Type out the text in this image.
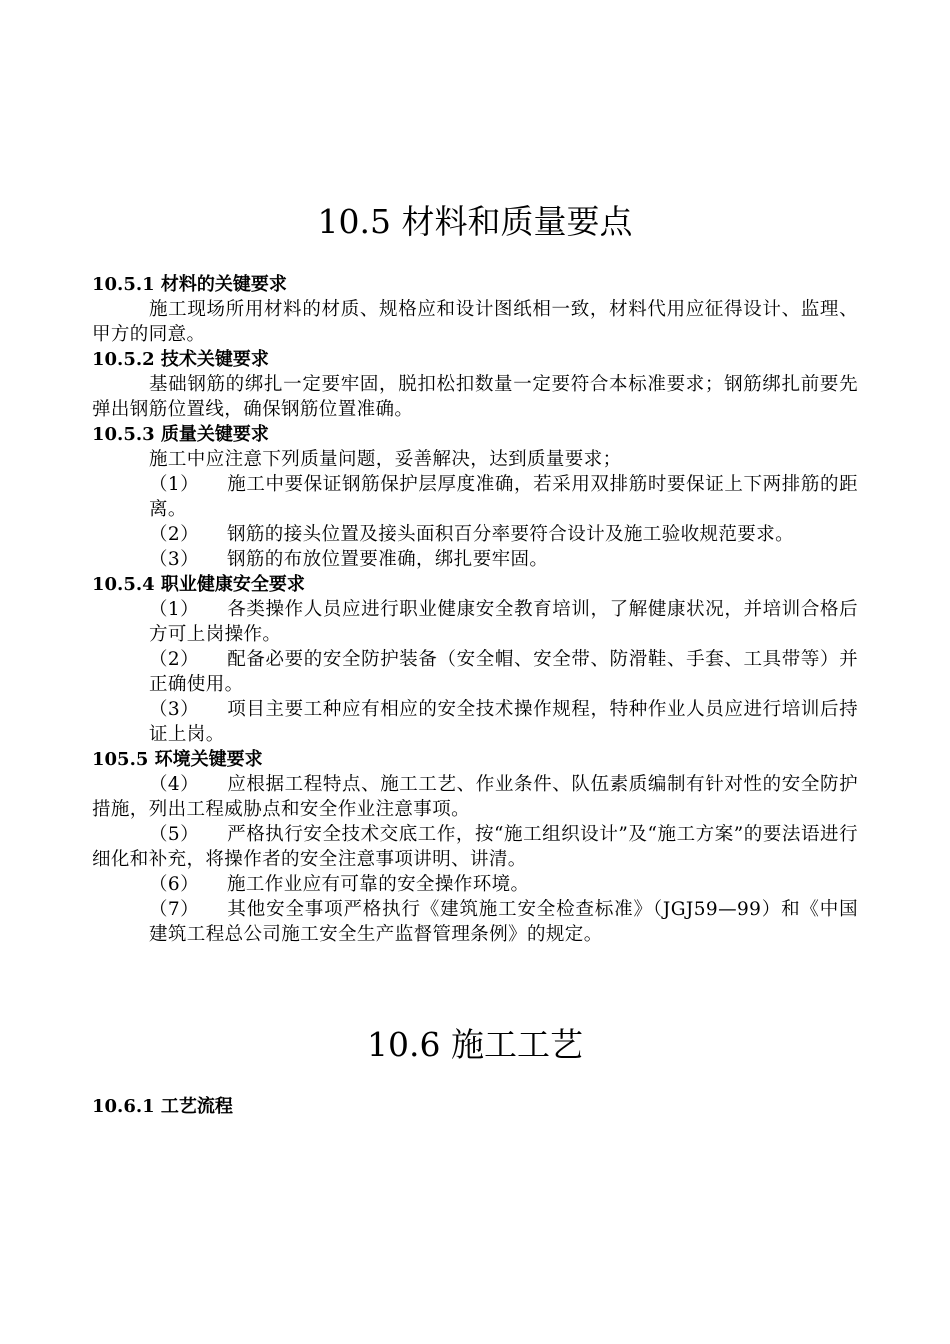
10.5 材料和质量要点
10.5.1 材料的关键要求
施工现场所用材料的材质、规格应和设计图纸相一致，材料代用应征得设计、监理、甲方的同意。
10.5.2 技术关键要求
基础钢筋的绑扎一定要牢固，脱扣松扣数量一定要符合本标准要求；钢筋绑扎前要先弹出钢筋位置线，确保钢筋位置准确。
10.5.3 质量关键要求
施工中应注意下列质量问题，妥善解决，达到质量要求；
（1） 施工中要保证钢筋保护层厚度准确，若采用双排筋时要保证上下两排筋的距离。
（2） 钢筋的接头位置及接头面积百分率要符合设计及施工验收规范要求。
（3） 钢筋的布放位置要准确，绑扎要牢固。
10.5.4 职业健康安全要求
（1） 各类操作人员应进行职业健康安全教育培训，了解健康状况，并培训合格后方可上岗操作。
（2） 配备必要的安全防护装备（安全帽、安全带、防滑鞋、手套、工具带等）并正确使用。
（3） 项目主要工种应有相应的安全技术操作规程，特种作业人员应进行培训后持证上岗。
105.5 环境关键要求
（4） 应根据工程特点、施工工艺、作业条件、队伍素质编制有针对性的安全防护措施，列出工程威胁点和安全作业注意事项。
（5） 严格执行安全技术交底工作，按“施工组织设计”及“施工方案”的要法语进行细化和补充，将操作者的安全注意事项讲明、讲清。
（6） 施工作业应有可靠的安全操作环境。
（7） 其他安全事项严格执行《建筑施工安全检查标准》（JGJ59—99）和《中国建筑工程总公司施工安全生产监督管理条例》的规定。
10.6 施工工艺
10.6.1 工艺流程
